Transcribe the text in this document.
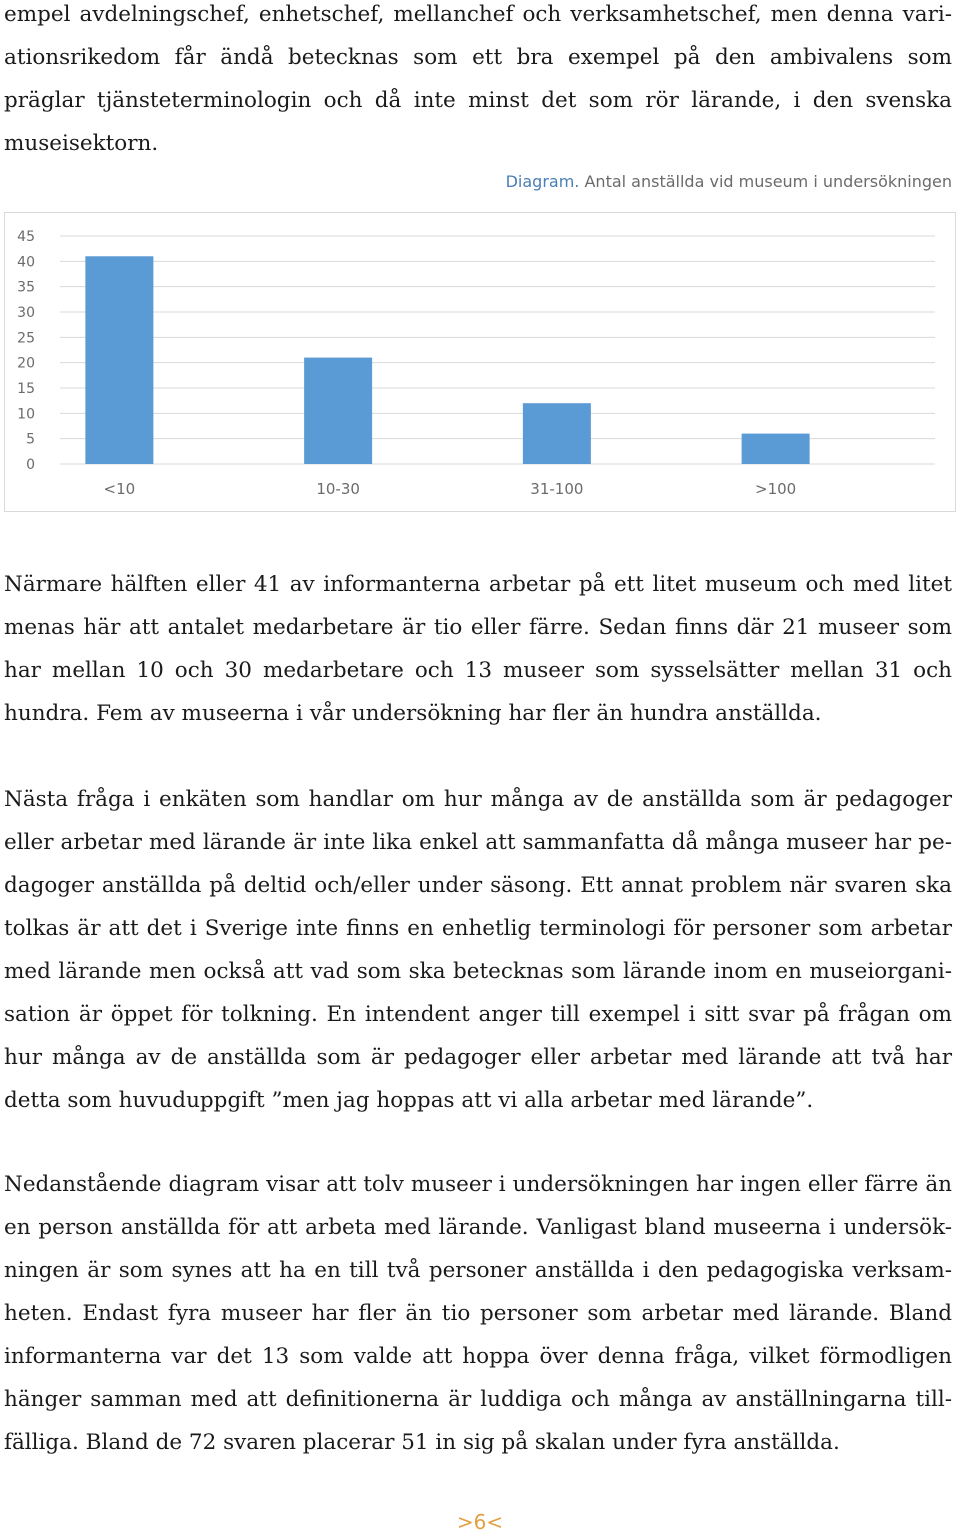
empel avdelningschef, enhetschef, mellanchef och verksamhetschef, men denna vari-ationsrikedom får ändå betecknas som ett bra exempel på den ambivalens som präglar tjänsteterminologin och då inte minst det som rör lärande, i den svenska museisektorn.

Diagram. Antal anställda vid museum i undersökningen
45
40
35
30
25
20
15
10
5
0
<10	10-30	31-100	>100

Närmare hälften eller 41 av informanterna arbetar på ett litet museum och med litet menas här att antalet medarbetare är tio eller färre. Sedan finns där 21 museer som har mellan 10 och 30 medarbetare och 13 museer som sysselsätter mellan 31 och hundra. Fem av museerna i vår undersökning har fler än hundra anställda.

Nästa fråga i enkäten som handlar om hur många av de anställda som är pedagoger eller arbetar med lärande är inte lika enkel att sammanfatta då många museer har pe-dagoger anställda på deltid och/eller under säsong. Ett annat problem när svaren ska tolkas är att det i Sverige inte finns en enhetlig terminologi för personer som arbetar med lärande men också att vad som ska betecknas som lärande inom en museiorgani-sation är öppet för tolkning. En intendent anger till exempel i sitt svar på frågan om hur många av de anställda som är pedagoger eller arbetar med lärande att två har detta som huvuduppgift ”men jag hoppas att vi alla arbetar med lärande”.

Nedanstående diagram visar att tolv museer i undersökningen har ingen eller färre än en person anställda för att arbeta med lärande. Vanligast bland museerna i undersök-ningen är som synes att ha en till två personer anställda i den pedagogiska verksam-heten. Endast fyra museer har fler än tio personer som arbetar med lärande. Bland informanterna var det 13 som valde att hoppa över denna fråga, vilket förmodligen hänger samman med att definitionerna är luddiga och många av anställningarna till-fälliga. Bland de 72 svaren placerar 51 in sig på skalan under fyra anställda.

>6<
